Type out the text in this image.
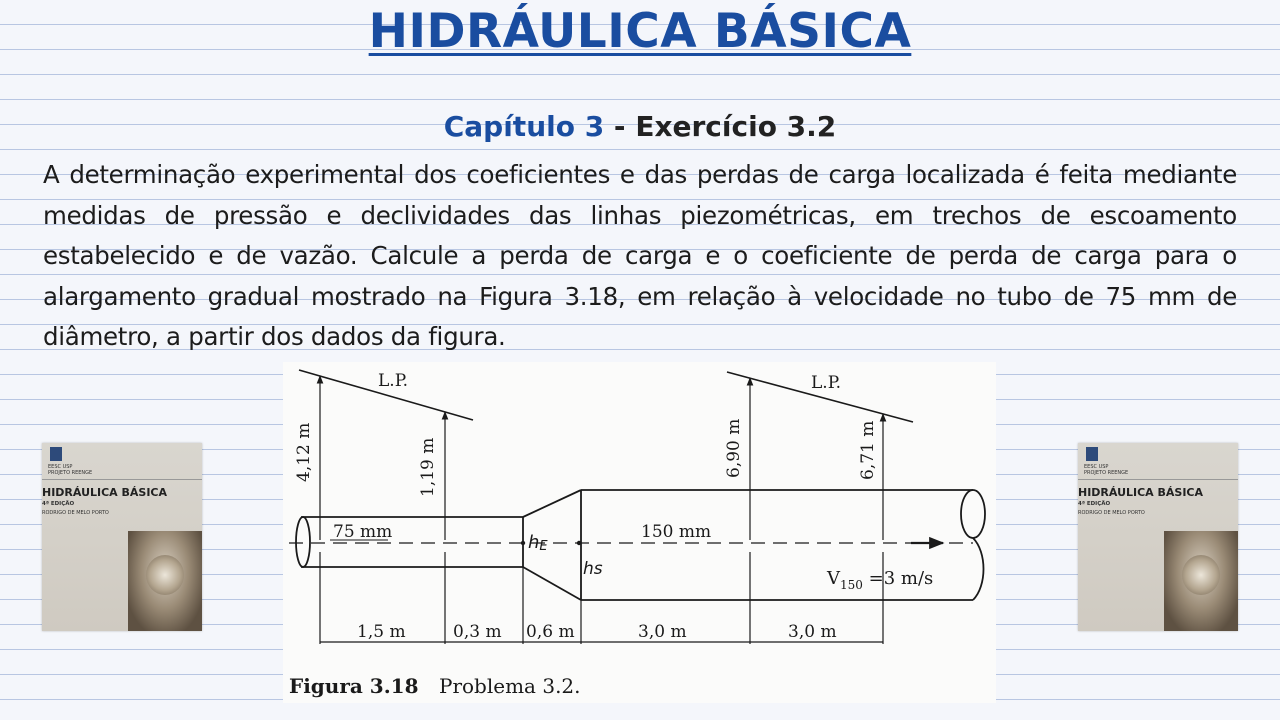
HIDRÁULICA BÁSICA
Capítulo 3 - Exercício 3.2
A determinação experimental dos coeficientes e das perdas de carga localizada é feita mediante medidas de pressão e declividades das linhas piezométricas, em trechos de escoamento estabelecido e de vazão. Calcule a perda de carga e o coeficiente de perda de carga para o alargamento gradual mostrado na Figura 3.18, em relação à velocidade no tubo de 75 mm de diâmetro, a partir dos dados da figura.
EESC USP
PROJETO REENGE
HIDRÁULICA BÁSICA
4ª EDIÇÃO
RODRIGO DE MELO PORTO
EESC USP
PROJETO REENGE
HIDRÁULICA BÁSICA
4ª EDIÇÃO
RODRIGO DE MELO PORTO
L.P.	L.P.
4,12 m	1,19 m	6,90 m	6,71 m
75 mm	150 mm
hE
hs	$V_{150} =3$ m/s
1,5 m	0,3 m 0,6 m	3,0 m	3,0 m
Figura 3.18 Problema 3.2.
